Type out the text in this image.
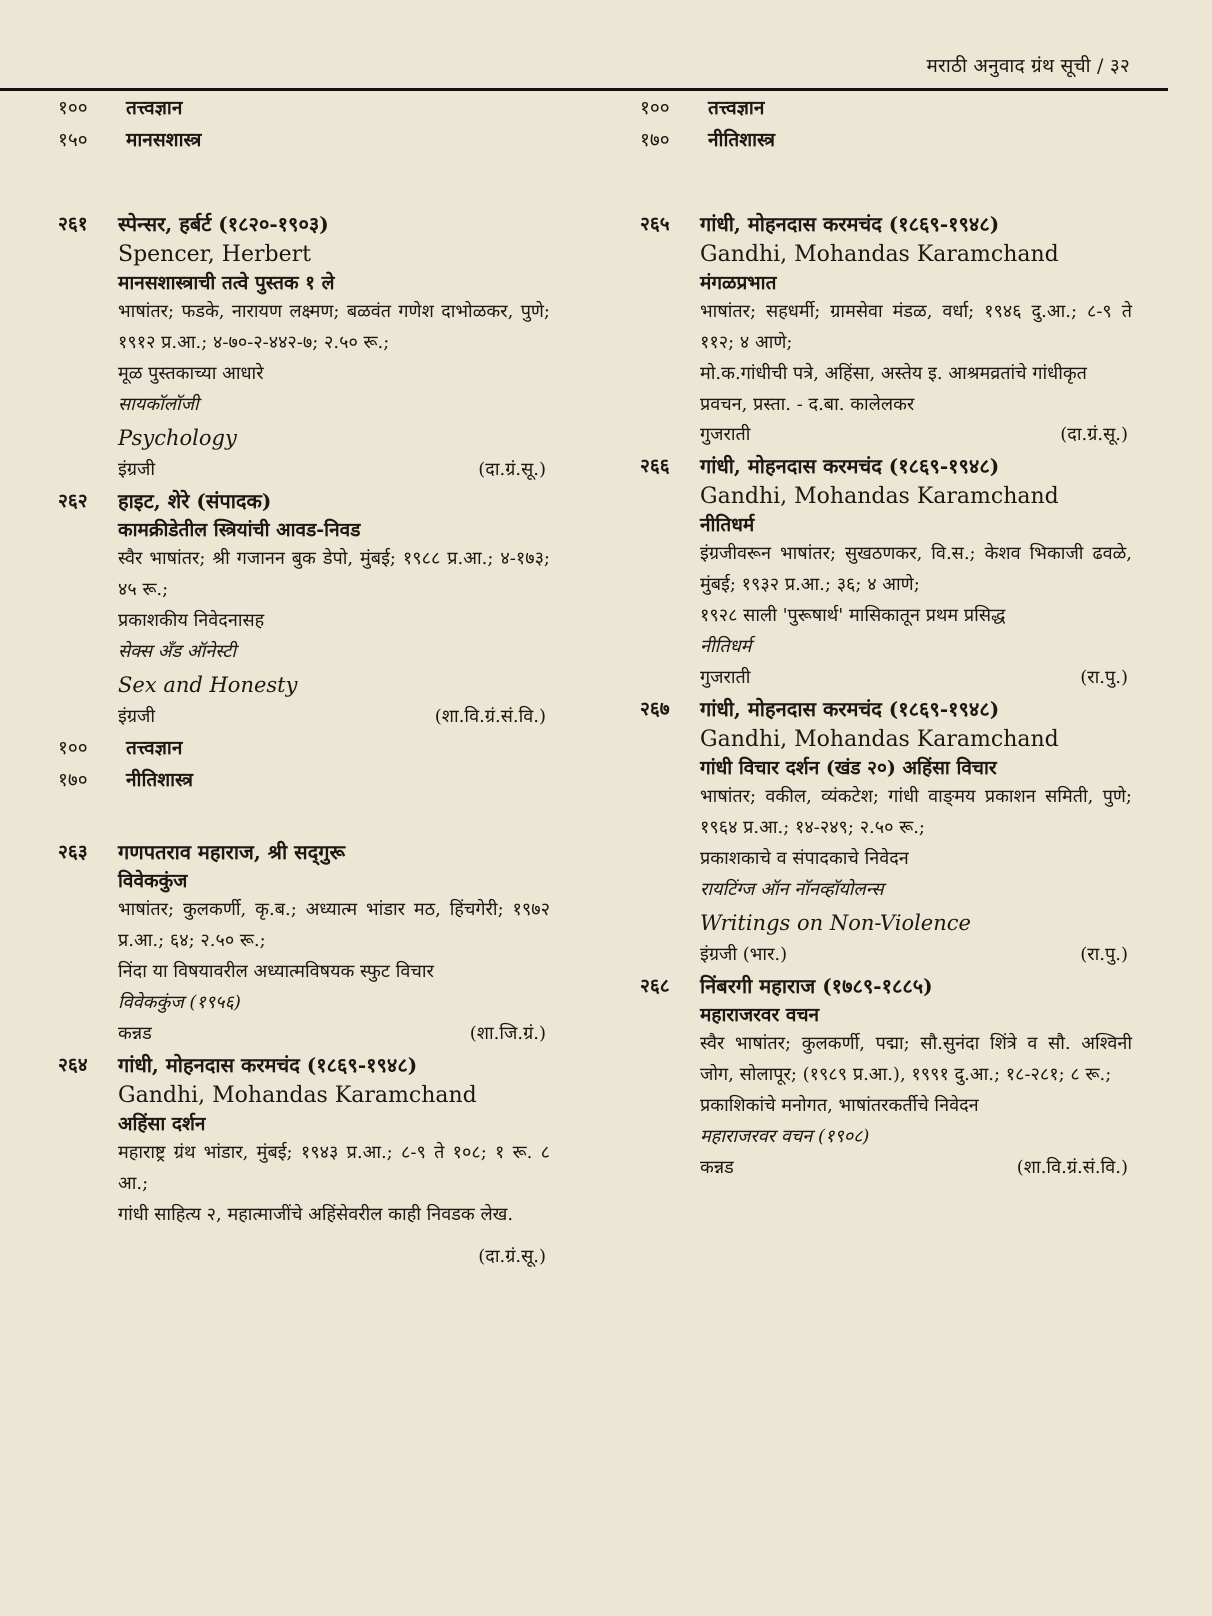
मराठी अनुवाद ग्रंथ सूची / ३२
१००	तत्त्वज्ञान
१५०	मानसशास्त्र
२६१	स्पेन्सर, हर्बर्ट (१८२०-१९०३)
Spencer, Herbert
मानसशास्त्राची तत्वे पुस्तक १ ले
भाषांतर; फडके, नारायण लक्ष्मण; बळवंत गणेश दाभोळकर, पुणे; १९१२ प्र.आ.; ४-७०-२-४४२-७; २.५० रू.;
मूळ पुस्तकाच्या आधारे
सायकॉलॉजी
Psychology
इंग्रजी	(दा.ग्रं.सू.)
२६२	हाइट, शेरे (संपादक)
कामक्रीडेतील स्त्रियांची आवड-निवड
स्वैर भाषांतर; श्री गजानन बुक डेपो, मुंबई; १९८८ प्र.आ.; ४-१७३; ४५ रू.;
प्रकाशकीय निवेदनासह
सेक्स अँड ऑनेस्टी
Sex and Honesty
इंग्रजी	(शा.वि.ग्रं.सं.वि.)
१००	तत्त्वज्ञान
१७०	नीतिशास्त्र
२६३	गणपतराव महाराज, श्री सद्‍गुरू
विवेककुंज
भाषांतर; कुलकर्णी, कृ.ब.; अध्यात्म भांडार मठ, हिंचगेरी; १९७२ प्र.आ.; ६४; २.५० रू.;
निंदा या विषयावरील अध्यात्मविषयक स्फुट विचार
विवेककुंज (१९५६)
कन्नड	(शा.जि.ग्रं.)
२६४	गांधी, मोहनदास करमचंद (१८६९-१९४८)
Gandhi, Mohandas Karamchand
अहिंसा दर्शन
महाराष्ट्र ग्रंथ भांडार, मुंबई; १९४३ प्र.आ.; ८-९ ते १०८; १ रू. ८ आ.;
गांधी साहित्य २, महात्माजींचे अहिंसेवरील काही निवडक लेख.
(दा.ग्रं.सू.)
१००	तत्त्वज्ञान
१७०	नीतिशास्त्र
२६५	गांधी, मोहनदास करमचंद (१८६९-१९४८)
Gandhi, Mohandas Karamchand
मंगळप्रभात
भाषांतर; सहधर्मी; ग्रामसेवा मंडळ, वर्धा; १९४६ दु.आ.; ८-९ ते ११२; ४ आणे;
मो.क.गांधीची पत्रे, अहिंसा, अस्तेय इ. आश्रमव्रतांचे गांधीकृत प्रवचन, प्रस्ता. - द.बा. कालेलकर
गुजराती	(दा.ग्रं.सू.)
२६६	गांधी, मोहनदास करमचंद (१८६९-१९४८)
Gandhi, Mohandas Karamchand
नीतिधर्म
इंग्रजीवरून भाषांतर; सुखठणकर, वि.स.; केशव भिकाजी ढवळे, मुंबई; १९३२ प्र.आ.; ३६; ४ आणे;
१९२८ साली 'पुरूषार्थ' मासिकातून प्रथम प्रसिद्ध
नीतिधर्म
गुजराती	(रा.पु.)
२६७	गांधी, मोहनदास करमचंद (१८६९-१९४८)
Gandhi, Mohandas Karamchand
गांधी विचार दर्शन (खंड २०) अहिंसा विचार
भाषांतर; वकील, व्यंकटेश; गांधी वाङ्‌मय प्रकाशन समिती, पुणे; १९६४ प्र.आ.; १४-२४९; २.५० रू.;
प्रकाशकाचे व संपादकाचे निवेदन
रायटिंग्ज ऑन नॉनव्हॉयोलन्स
Writings on Non-Violence
इंग्रजी (भार.)	(रा.पु.)
२६८	निंबरगी महाराज (१७८९-१८८५)
महाराजरवर वचन
स्वैर भाषांतर; कुलकर्णी, पद्मा; सौ.सुनंदा शिंत्रे व सौ. अश्विनी जोग, सोलापूर; (१९८९ प्र.आ.), १९९१ दु.आ.; १८-२८१; ८ रू.;
प्रकाशिकांचे मनोगत, भाषांतरकर्तीचे निवेदन
महाराजरवर वचन (१९०८)
कन्नड	(शा.वि.ग्रं.सं.वि.)
